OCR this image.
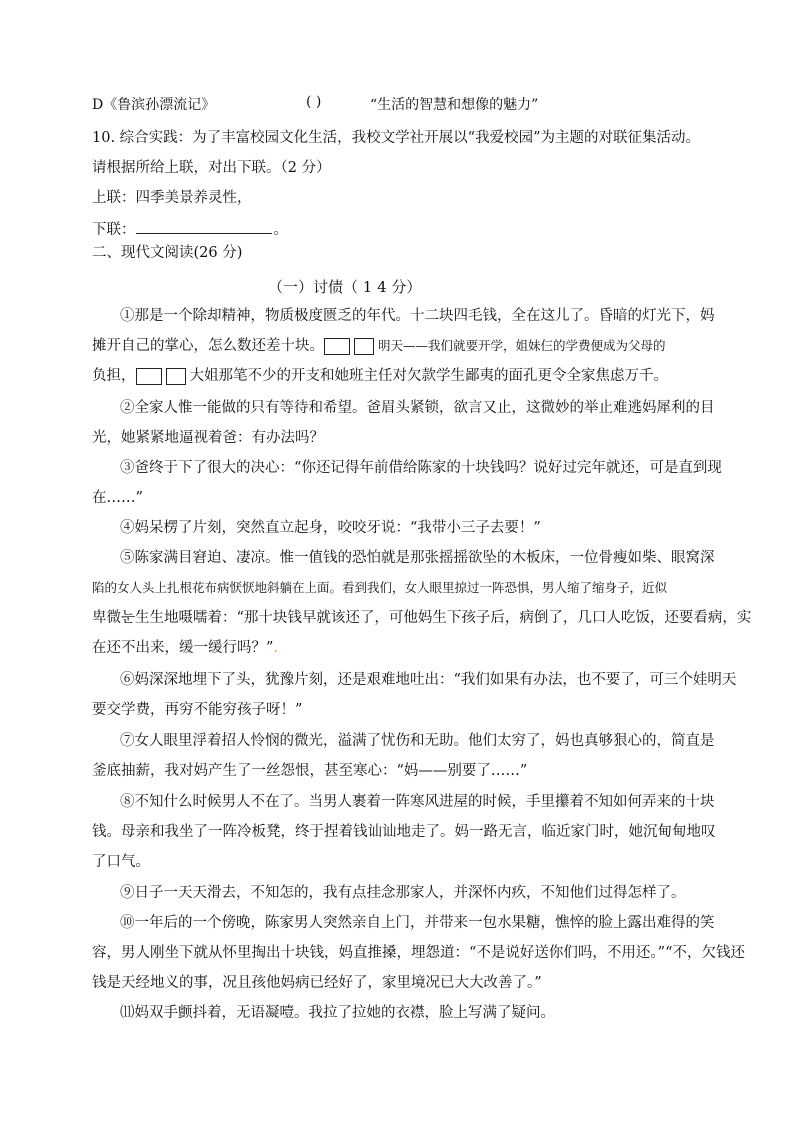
D《鲁滨孙漂流记》	( )	“生活的智慧和想像的魅力”
10. 综合实践：为了丰富校园文化生活，我校文学社开展以“我爱校园”为主题的对联征集活动。
请根据所给上联，对出下联。（2 分）
上联：四季美景养灵性，
下联：	。
二、现代文阅读(26 分)
（一）讨债（ 1 4 分）
①那是一个除却精神，物质极度匮乏的年代。十二块四毛钱，全在这儿了。昏暗的灯光下，妈
摊开自己的掌心，怎么数还差十块。	明天——我们就要开学，姐妹仨的学费便成为父母的
负担，	大姐那笔不少的开支和她班主任对欠款学生鄙夷的面孔更令全家焦虑万千。
②全家人惟一能做的只有等待和希望。爸眉头紧锁，欲言又止，这微妙的举止难逃妈犀利的目
光，她紧紧地逼视着爸：有办法吗？
③爸终于下了很大的决心：“你还记得年前借给陈家的十块钱吗？说好过完年就还，可是直到现
在……”
④妈呆楞了片刻，突然直立起身，咬咬牙说：“我带小三子去要！”
⑤陈家满目窘迫、凄凉。惟一值钱的恐怕就是那张摇摇欲坠的木板床，一位骨瘦如柴、眼窝深
陷的女人头上扎根花布病恹恹地斜躺在上面。看到我们，女人眼里掠过一阵恐惧，男人缩了缩身子，近似
卑微눈生生地嗫嚅着：“那十块钱早就该还了，可他妈生下孩子后，病倒了，几口人吃饭，还要看病，实
在还不出来，缓一缓行吗？”.
⑥妈深深地埋下了头，犹豫片刻，还是艰难地吐出：“我们如果有办法，也不要了，可三个娃明天
要交学费，再穷不能穷孩子呀！”
⑦女人眼里浮着招人怜悯的微光，溢满了忧伤和无助。他们太穷了，妈也真够狠心的，简直是
釜底抽薪，我对妈产生了一丝怨恨，甚至寒心：“妈——别要了……”
⑧不知什么时候男人不在了。当男人裹着一阵寒风进屋的时候，手里攥着不知如何弄来的十块
钱。母亲和我坐了一阵冷板凳，终于捏着钱讪讪地走了。妈一路无言，临近家门时，她沉甸甸地叹
了口气。
⑨日子一天天滑去，不知怎的，我有点挂念那家人，并深怀内疚，不知他们过得怎样了。
⑩一年后的一个傍晚，陈家男人突然亲自上门，并带来一包水果糖，憔悴的脸上露出难得的笑
容，男人刚坐下就从怀里掏出十块钱，妈直推搡，埋怨道：“不是说好送你们吗，不用还。”“不，欠钱还
钱是天经地义的事，况且孩他妈病已经好了，家里境况已大大改善了。”
⑾妈双手颤抖着，无语凝噎。我拉了拉她的衣襟，脸上写满了疑问。
